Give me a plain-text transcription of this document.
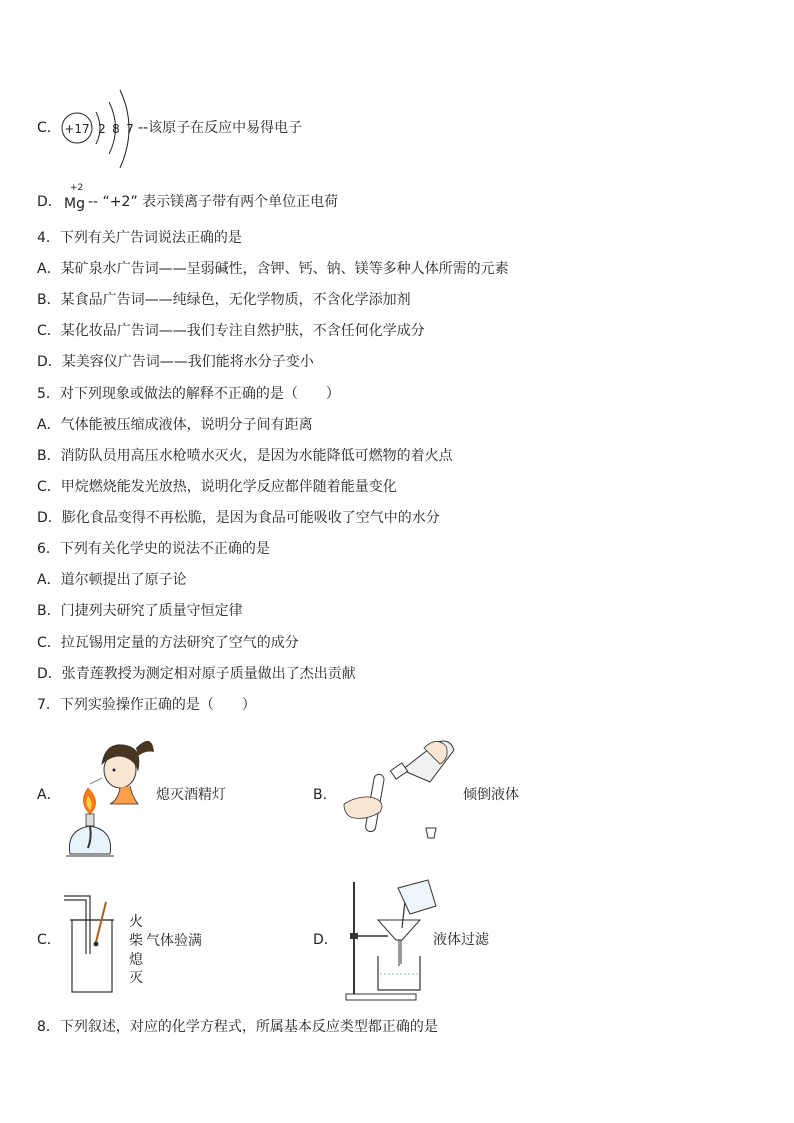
C． +17 2 8 7 --该原子在反应中易得电子
D．
+2
Mg -- “+2” 表示镁离子带有两个单位正电荷
4．下列有关广告词说法正确的是
A．某矿泉水广告词——呈弱碱性，含钾、钙、钠、镁等多种人体所需的元素
B．某食品广告词——纯绿色，无化学物质，不含化学添加剂
C．某化妆品广告词——我们专注自然护肤，不含任何化学成分
D．某美容仪广告词——我们能将水分子变小
5．对下列现象或做法的解释不正确的是（　　）
A．气体能被压缩成液体，说明分子间有距离
B．消防队员用高压水枪喷水灭火，是因为水能降低可燃物的着火点
C．甲烷燃烧能发光放热，说明化学反应都伴随着能量变化
D．膨化食品变得不再松脆，是因为食品可能吸收了空气中的水分
6．下列有关化学史的说法不正确的是
A．道尔顿提出了原子论
B．门捷列夫研究了质量守恒定律
C．拉瓦锡用定量的方法研究了空气的成分
D．张青莲教授为测定相对原子质量做出了杰出贡献
7．下列实验操作正确的是（　　）
A．	熄灭酒精灯	B．	倾倒液体
C．
火
柴 气体验满
熄
灭
D．	液体过滤
8．下列叙述，对应的化学方程式，所属基本反应类型都正确的是
